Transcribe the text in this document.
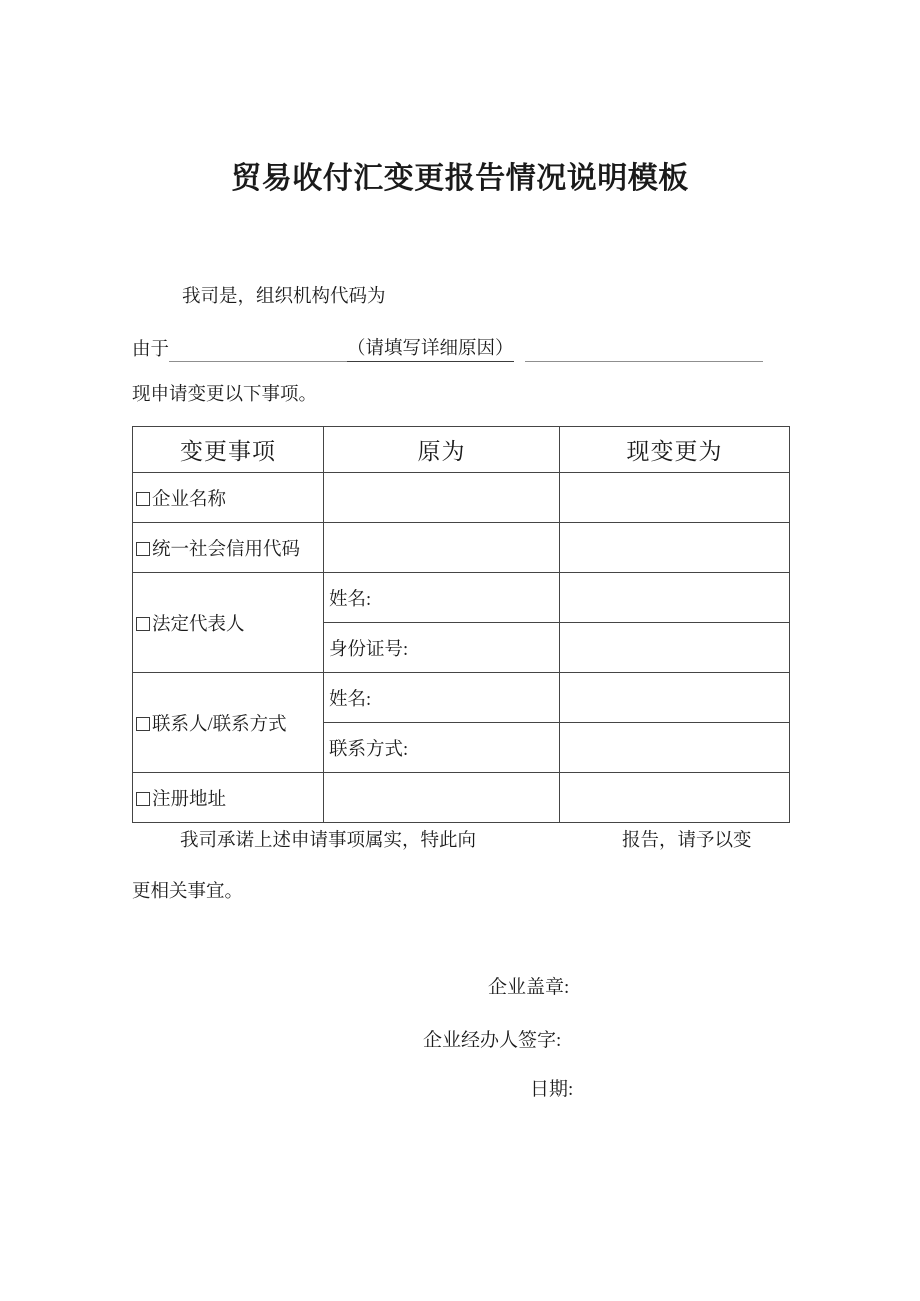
贸易收付汇变更报告情况说明模板
我司是，组织机构代码为
由于	（请填写详细原因）
现申请变更以下事项。
变更事项	原为	现变更为
企业名称		
统一社会信用代码		
法定代表人	姓名:	
	身份证号:	
联系人/联系方式	姓名:	
	联系方式:	
注册地址		
我司承诺上述申请事项属实，特此向	报告，请予以变
更相关事宜。
企业盖章:
企业经办人签字:
日期:
